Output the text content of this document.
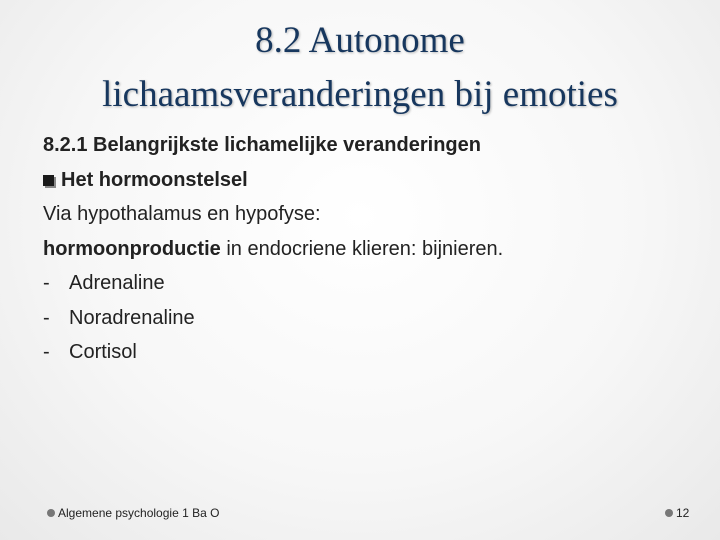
8.2 Autonome
lichaamsveranderingen bij emoties
8.2.1 Belangrijkste lichamelijke veranderingen
Het hormoonstelsel
Via hypothalamus en hypofyse:
hormoonproductie in endocriene klieren: bijnieren.
- Adrenaline
- Noradrenaline
- Cortisol
Algemene psychologie 1 Ba O	12
